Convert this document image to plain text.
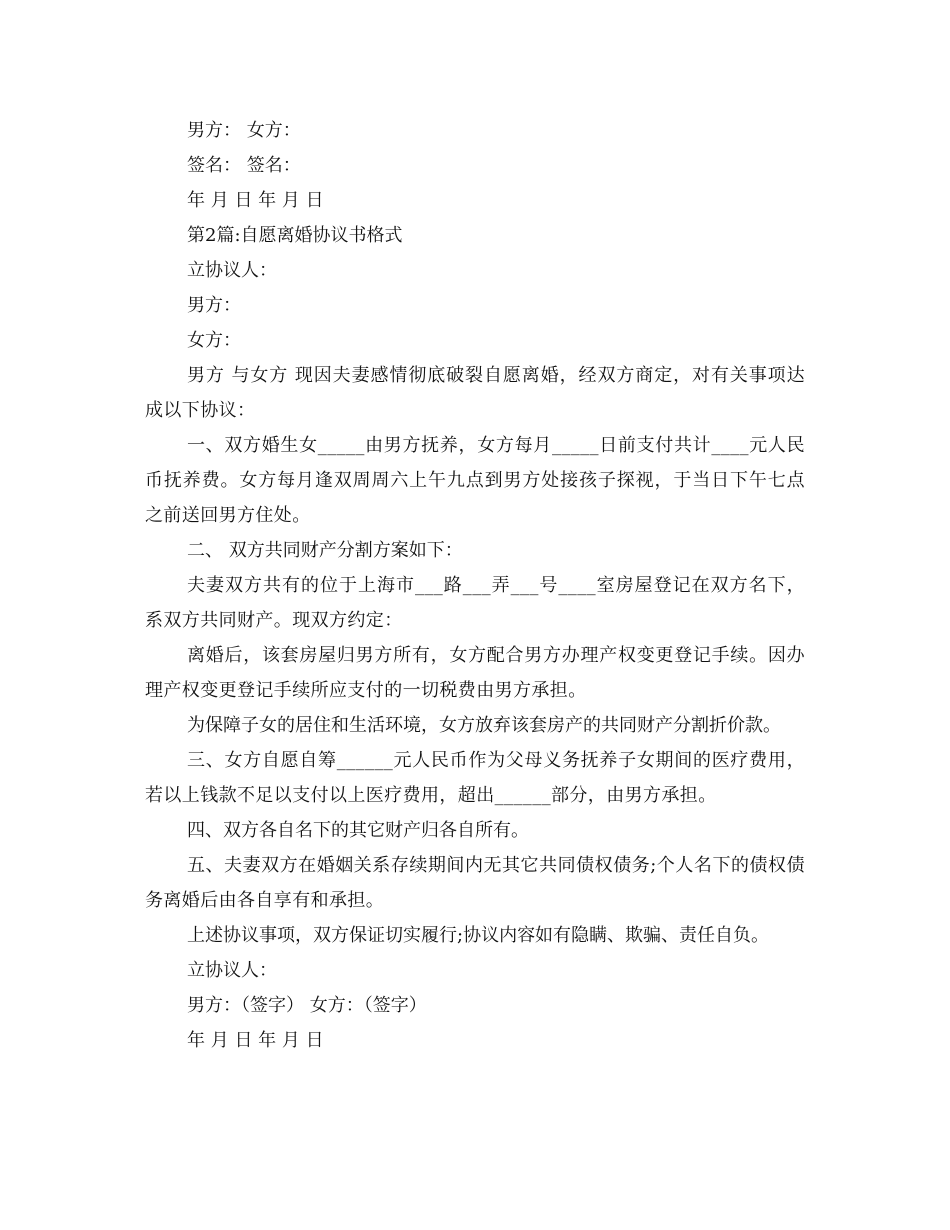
男方： 女方：

签名： 签名：

年 月 日 年 月 日

第2篇:自愿离婚协议书格式

立协议人：

男方：

女方：

男方 与女方 现因夫妻感情彻底破裂自愿离婚，经双方商定，对有关事项达成以下协议：

一、双方婚生女_____由男方抚养，女方每月_____日前支付共计____元人民币抚养费。女方每月逢双周周六上午九点到男方处接孩子探视，于当日下午七点之前送回男方住处。

二、 双方共同财产分割方案如下：

夫妻双方共有的位于上海市___路___弄___号____室房屋登记在双方名下，系双方共同财产。现双方约定：

离婚后，该套房屋归男方所有，女方配合男方办理产权变更登记手续。因办理产权变更登记手续所应支付的一切税费由男方承担。

为保障子女的居住和生活环境，女方放弃该套房产的共同财产分割折价款。

三、女方自愿自筹______元人民币作为父母义务抚养子女期间的医疗费用，若以上钱款不足以支付以上医疗费用，超出______部分，由男方承担。

四、双方各自名下的其它财产归各自所有。

五、夫妻双方在婚姻关系存续期间内无其它共同债权债务;个人名下的债权债务离婚后由各自享有和承担。

上述协议事项，双方保证切实履行;协议内容如有隐瞒、欺骗、责任自负。

立协议人：

男方：（签字） 女方：（签字）

年 月 日 年 月 日
